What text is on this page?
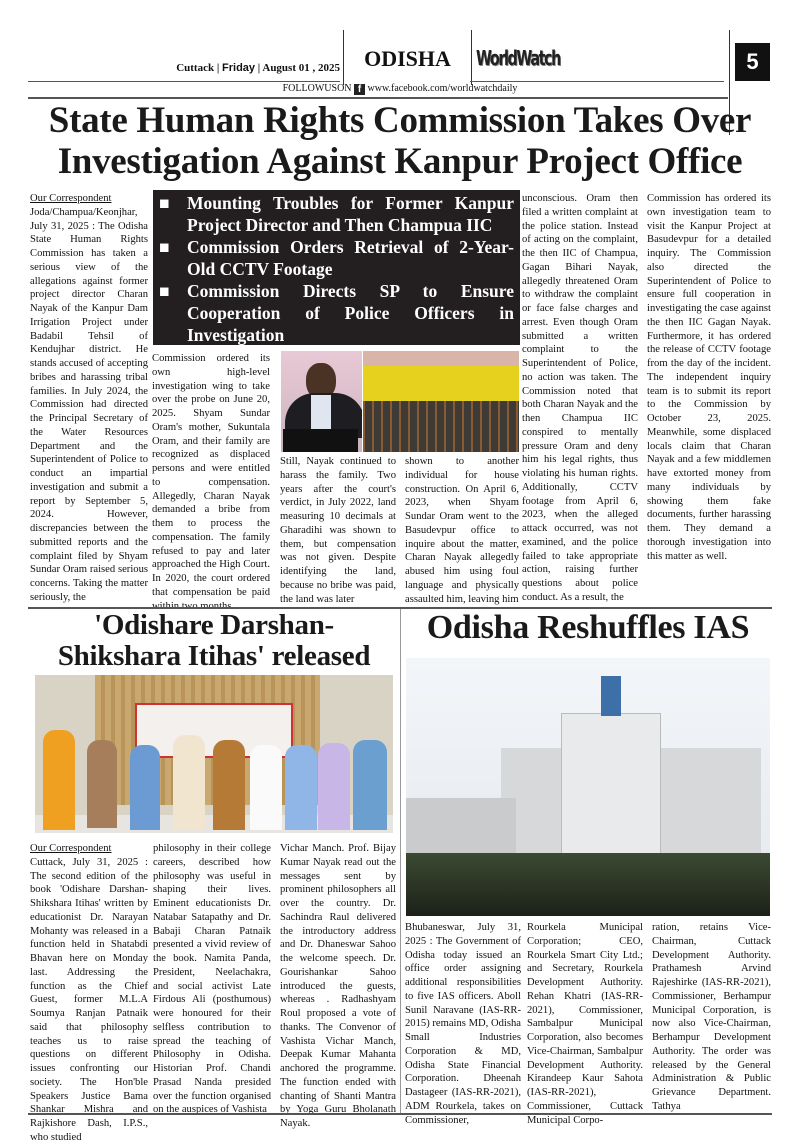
Cuttack | Friday | August 01 , 2025	ODISHA	WorldWatch	5
FOLLOWUSON f www.facebook.com/worldwatchdaily
State Human Rights Commission Takes Over
Investigation Against Kanpur Project Office
Our Correspondent
Joda/Champua/Keonjhar, July 31, 2025 : The Odisha State Human Rights Commission has taken a serious view of the allegations against former project director Charan Nayak of the Kanpur Dam Irrigation Project under Badabil Tehsil of Kendujhar district. He stands accused of accepting bribes and harassing tribal families. In July 2024, the Commission had directed the Principal Secretary of the Water Resources Department and the Superintendent of Police to conduct an impartial investigation and submit a report by September 5, 2024. However, discrepancies between the submitted reports and the complaint filed by Shyam Sundar Oram raised serious concerns. Taking the matter seriously, the
■ Mounting Troubles for Former Kanpur Project Director and Then Champua IIC
■ Commission Orders Retrieval of 2-Year-Old CCTV Footage
■ Commission Directs SP to Ensure Cooperation of Police Officers in Investigation
Commission ordered its own high-level investigation wing to take over the probe on June 20, 2025. Shyam Sundar Oram's mother, Sukuntala Oram, and their family are recognized as displaced persons and were entitled to compensation. Allegedly, Charan Nayak demanded a bribe from them to process the compensation. The family refused to pay and later approached the High Court. In 2020, the court ordered that compensation be paid within two months.
Still, Nayak continued to harass the family. Two years after the court's verdict, in July 2022, land measuring 10 decimals at Gharadihi was shown to them, but compensation was not given. Despite identifying the land, because no bribe was paid, the land was later
shown to another individual for house construction. On April 6, 2023, when Shyam Sundar Oram went to the Basudevpur office to inquire about the matter, Charan Nayak allegedly abused him using foul language and physically assaulted him, leaving him
unconscious. Oram then filed a written complaint at the police station. Instead of acting on the complaint, the then IIC of Champua, Gagan Bihari Nayak, allegedly threatened Oram to withdraw the complaint or face false charges and arrest. Even though Oram submitted a written complaint to the Superintendent of Police, no action was taken. The Commission noted that both Charan Nayak and the then Champua IIC conspired to mentally pressure Oram and deny him his legal rights, thus violating his human rights. Additionally, CCTV footage from April 6, 2023, when the alleged attack occurred, was not examined, and the police failed to take appropriate action, raising further questions about police conduct. As a result, the
Commission has ordered its own investigation team to visit the Kanpur Project at Basudevpur for a detailed inquiry. The Commission also directed the Superintendent of Police to ensure full cooperation in investigating the case against the then IIC Gagan Nayak. Furthermore, it has ordered the release of CCTV footage from the day of the incident. The independent inquiry team is to submit its report to the Commission by October 23, 2025. Meanwhile, some displaced locals claim that Charan Nayak and a few middlemen have extorted money from many individuals by showing them fake documents, further harassing them. They demand a thorough investigation into this matter as well.
'Odishare Darshan-
Shikshara Itihas' released
Our Correspondent
Cuttack, July 31, 2025 : The second edition of the book 'Odishare Darshan-Shikshara Itihas' written by educationist Dr. Narayan Mohanty was released in a function held in Shatabdi Bhavan here on Monday last. Addressing the function as the Chief Guest, former M.L.A Soumya Ranjan Patnaik said that philosophy teaches us to raise questions on different issues confronting our society. The Hon'ble Speakers Justice Bama Shankar Mishra and Rajkishore Dash, I.P.S., who studied
philosophy in their college careers, described how philosophy was useful in shaping their lives. Eminent educationists Dr. Natabar Satapathy and Dr. Babaji Charan Patnaik presented a vivid review of the book. Namita Panda, President, Neelachakra, and social activist Late Firdous Ali (posthumous) were honoured for their selfless contribution to spread the teaching of Philosophy in Odisha. Historian Prof. Chandi Prasad Nanda presided over the function organised on the auspices of Vashista
Vichar Manch. Prof. Bijay Kumar Nayak read out the messages sent by prominent philosophers all over the country. Dr. Sachindra Raul delivered the introductory address and Dr. Dhaneswar Sahoo the welcome speech. Dr. Gourishankar Sahoo introduced the guests, whereas . Radhashyam Roul proposed a vote of thanks. The Convenor of Vashista Vichar Manch, Deepak Kumar Mahanta anchored the programme. The function ended with chanting of Shanti Mantra by Yoga Guru Bholanath Nayak.
Odisha Reshuffles IAS
Bhubaneswar, July 31, 2025 : The Government of Odisha today issued an office order assigning additional responsibilities to five IAS officers. Aboll Sunil Naravane (IAS-RR-2015) remains MD, Odisha Small Industries Corporation & MD, Odisha State Financial Corporation. Dheenah Dastageer (IAS-RR-2021), ADM Rourkela, takes on Commissioner,
Rourkela Municipal Corporation; CEO, Rourkela Smart City Ltd.; and Secretary, Rourkela Development Authority. Rehan Khatri (IAS-RR-2021), Commissioner, Sambalpur Municipal Corporation, also becomes Vice-Chairman, Sambalpur Development Authority. Kirandeep Kaur Sahota (IAS-RR-2021), Commissioner, Cuttack Municipal Corpo-
ration, retains Vice-Chairman, Cuttack Development Authority. Prathamesh Arvind Rajeshirke (IAS-RR-2021), Commissioner, Berhampur Municipal Corporation, is now also Vice-Chairman, Berhampur Development Authority. The order was released by the General Administration & Public Grievance Department. Tathya
